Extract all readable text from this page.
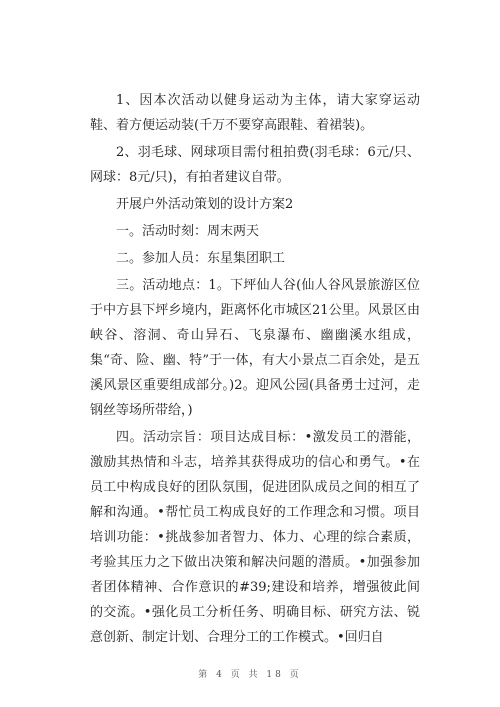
1、因本次活动以健身运动为主体，请大家穿运动鞋、着方便运动装(千万不要穿高跟鞋、着裙装)。

2、羽毛球、网球项目需付租拍费(羽毛球：6元/只、网球：8元/只)，有拍者建议自带。

开展户外活动策划的设计方案2

一。活动时刻：周末两天

二。参加人员：东星集团职工

三。活动地点：1。下坪仙人谷(仙人谷风景旅游区位于中方县下坪乡境内，距离怀化市城区21公里。风景区由峡谷、溶洞、奇山异石、飞泉瀑布、幽幽溪水组成，集“奇、险、幽、特”于一体，有大小景点二百余处，是五溪风景区重要组成部分。)2。迎风公园(具备勇士过河，走钢丝等场所带给，)

四。活动宗旨：项目达成目标：•激发员工的潜能，激励其热情和斗志，培养其获得成功的信心和勇气。•在员工中构成良好的团队氛围，促进团队成员之间的相互了解和沟通。•帮忙员工构成良好的工作理念和习惯。项目培训功能：•挑战参加者智力、体力、心理的综合素质，考验其压力之下做出决策和解决问题的潜质。•加强参加者团体精神、合作意识的#39;建设和培养，增强彼此间的交流。•强化员工分析任务、明确目标、研究方法、锐意创新、制定计划、合理分工的工作模式。•回归自

第 4 页 共 18 页
